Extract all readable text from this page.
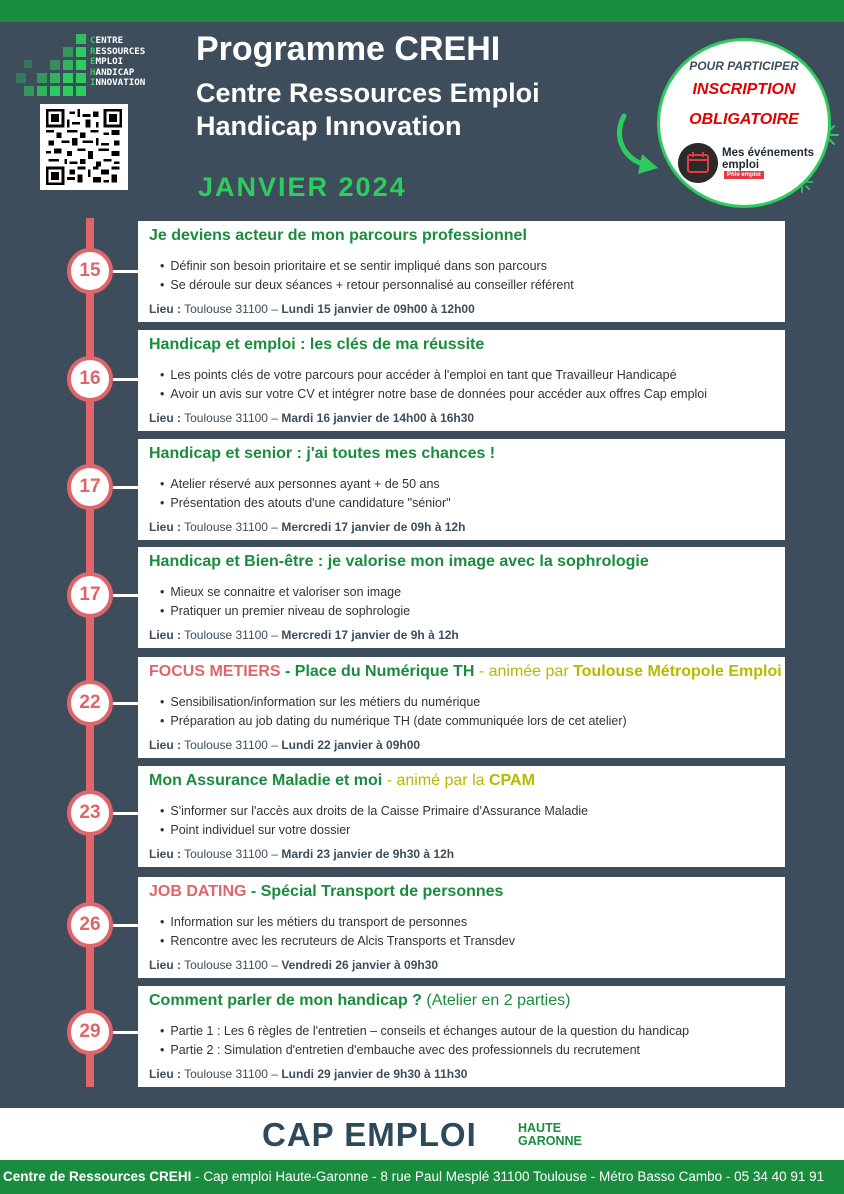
CENTRE
RESSOURCES
EMPLOI
HANDICAP
INNOVATION
Programme CREHI
Centre Ressources Emploi
Handicap Innovation
JANVIER 2024
POUR PARTICIPER
INSCRIPTION
OBLIGATOIRE
Mes événements
emploi
Pôle emploi
15
Je deviens acteur de mon parcours professionnel
• Définir son besoin prioritaire et se sentir impliqué dans son parcours
• Se déroule sur deux séances + retour personnalisé au conseiller référent
Lieu : Toulouse 31100 – Lundi 15 janvier de 09h00 à 12h00
16
Handicap et emploi : les clés de ma réussite
• Les points clés de votre parcours pour accéder à l'emploi en tant que Travailleur Handicapé
• Avoir un avis sur votre CV et intégrer notre base de données pour accéder aux offres Cap emploi
Lieu : Toulouse 31100 – Mardi 16 janvier de 14h00 à 16h30
17
Handicap et senior : j'ai toutes mes chances !
• Atelier réservé aux personnes ayant + de 50 ans
• Présentation des atouts d'une candidature "sénior"
Lieu : Toulouse 31100 – Mercredi 17 janvier de 09h à 12h
17
Handicap et Bien-être : je valorise mon image avec la sophrologie
• Mieux se connaitre et valoriser son image
• Pratiquer un premier niveau de sophrologie
Lieu : Toulouse 31100 – Mercredi 17 janvier de 9h à 12h
22
FOCUS METIERS - Place du Numérique TH - animée par Toulouse Métropole Emploi
• Sensibilisation/information sur les métiers du numérique
• Préparation au job dating du numérique TH (date communiquée lors de cet atelier)
Lieu : Toulouse 31100 – Lundi 22 janvier à 09h00
23
Mon Assurance Maladie et moi - animé par la CPAM
• S'informer sur l'accès aux droits de la Caisse Primaire d'Assurance Maladie
• Point individuel sur votre dossier
Lieu : Toulouse 31100 – Mardi 23 janvier de 9h30 à 12h
26
JOB DATING - Spécial Transport de personnes
• Information sur les métiers du transport de personnes
• Rencontre avec les recruteurs de Alcis Transports et Transdev
Lieu : Toulouse 31100 – Vendredi 26 janvier à 09h30
29
Comment parler de mon handicap ? (Atelier en 2 parties)
• Partie 1 : Les 6 règles de l'entretien – conseils et échanges autour de la question du handicap
• Partie 2 : Simulation d'entretien d'embauche avec des professionnels du recrutement
Lieu : Toulouse 31100 – Lundi 29 janvier de 9h30 à 11h30
CAP EMPLOI	HAUTE
GARONNE
Centre de Ressources CREHI - Cap emploi Haute-Garonne - 8 rue Paul Mesplé 31100 Toulouse - Métro Basso Cambo - 05 34 40 91 91
